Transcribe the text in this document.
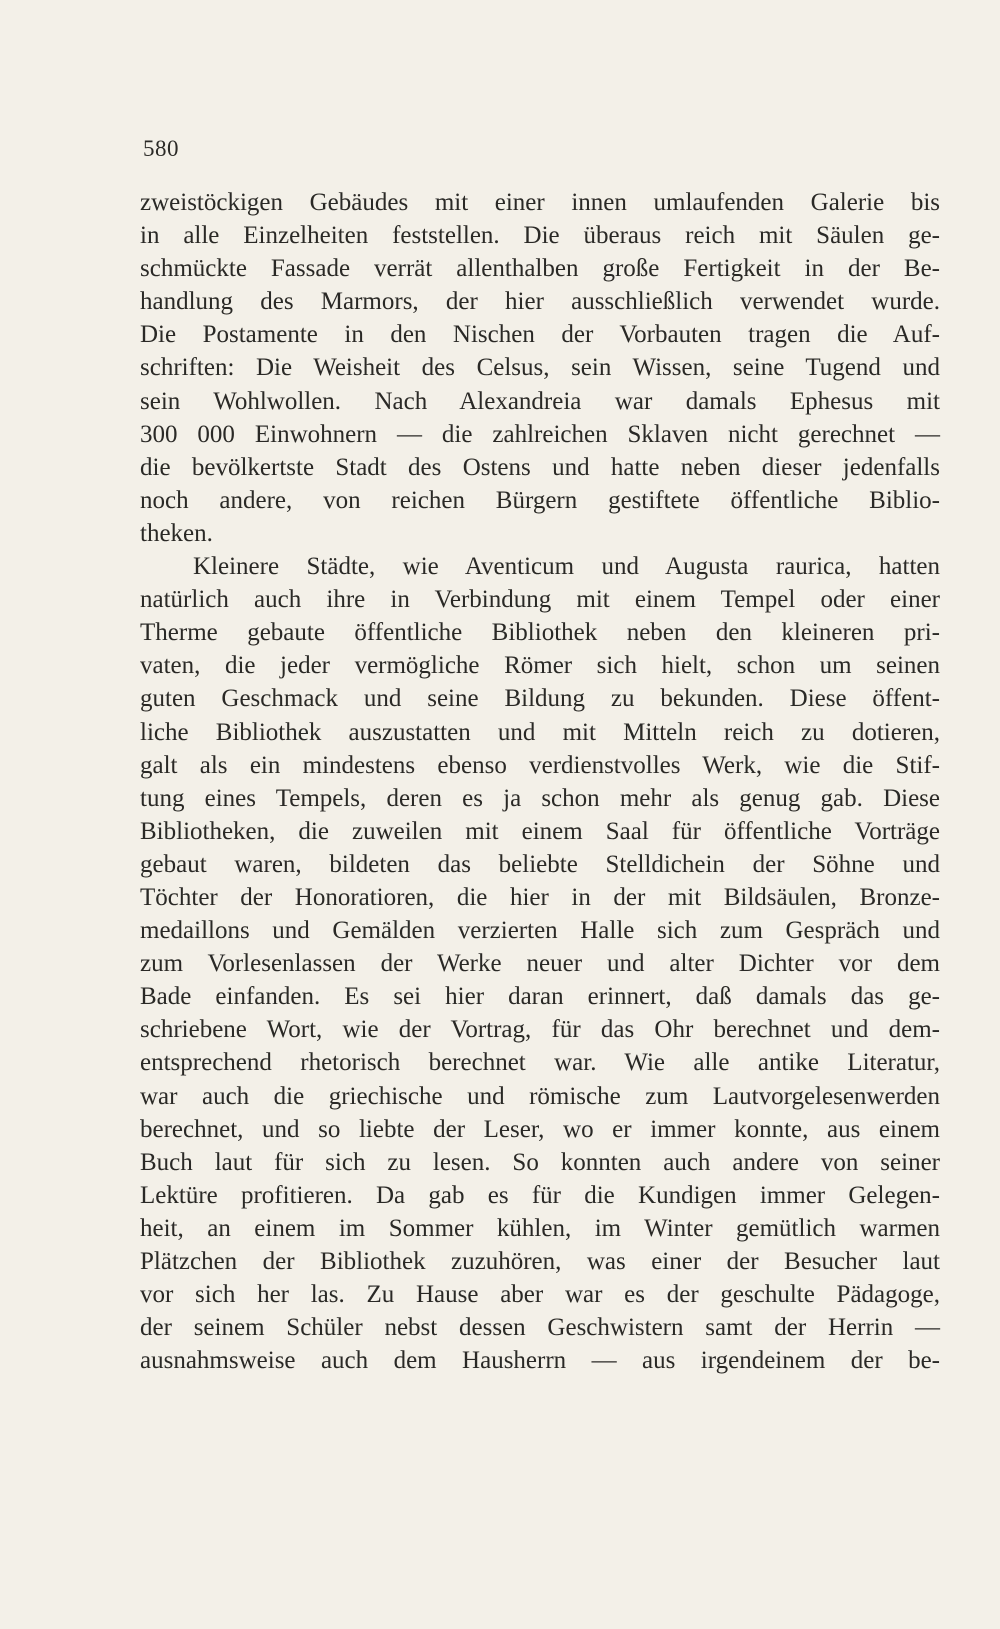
580
zweistöckigen Gebäudes mit einer innen umlaufenden Galerie bis
in alle Einzelheiten feststellen. Die überaus reich mit Säulen ge-
schmückte Fassade verrät allenthalben große Fertigkeit in der Be-
handlung des Marmors, der hier ausschließlich verwendet wurde.
Die Postamente in den Nischen der Vorbauten tragen die Auf-
schriften: Die Weisheit des Celsus, sein Wissen, seine Tugend und
sein Wohlwollen. Nach Alexandreia war damals Ephesus mit
300 000 Einwohnern — die zahlreichen Sklaven nicht gerechnet —
die bevölkertste Stadt des Ostens und hatte neben dieser jedenfalls
noch andere, von reichen Bürgern gestiftete öffentliche Biblio-
theken.
Kleinere Städte, wie Aventicum und Augusta raurica, hatten
natürlich auch ihre in Verbindung mit einem Tempel oder einer
Therme gebaute öffentliche Bibliothek neben den kleineren pri-
vaten, die jeder vermögliche Römer sich hielt, schon um seinen
guten Geschmack und seine Bildung zu bekunden. Diese öffent-
liche Bibliothek auszustatten und mit Mitteln reich zu dotieren,
galt als ein mindestens ebenso verdienstvolles Werk, wie die Stif-
tung eines Tempels, deren es ja schon mehr als genug gab. Diese
Bibliotheken, die zuweilen mit einem Saal für öffentliche Vorträge
gebaut waren, bildeten das beliebte Stelldichein der Söhne und
Töchter der Honoratioren, die hier in der mit Bildsäulen, Bronze-
medaillons und Gemälden verzierten Halle sich zum Gespräch und
zum Vorlesenlassen der Werke neuer und alter Dichter vor dem
Bade einfanden. Es sei hier daran erinnert, daß damals das ge-
schriebene Wort, wie der Vortrag, für das Ohr berechnet und dem-
entsprechend rhetorisch berechnet war. Wie alle antike Literatur,
war auch die griechische und römische zum Lautvorgelesenwerden
berechnet, und so liebte der Leser, wo er immer konnte, aus einem
Buch laut für sich zu lesen. So konnten auch andere von seiner
Lektüre profitieren. Da gab es für die Kundigen immer Gelegen-
heit, an einem im Sommer kühlen, im Winter gemütlich warmen
Plätzchen der Bibliothek zuzuhören, was einer der Besucher laut
vor sich her las. Zu Hause aber war es der geschulte Pädagoge,
der seinem Schüler nebst dessen Geschwistern samt der Herrin —
ausnahmsweise auch dem Hausherrn — aus irgendeinem der be-
